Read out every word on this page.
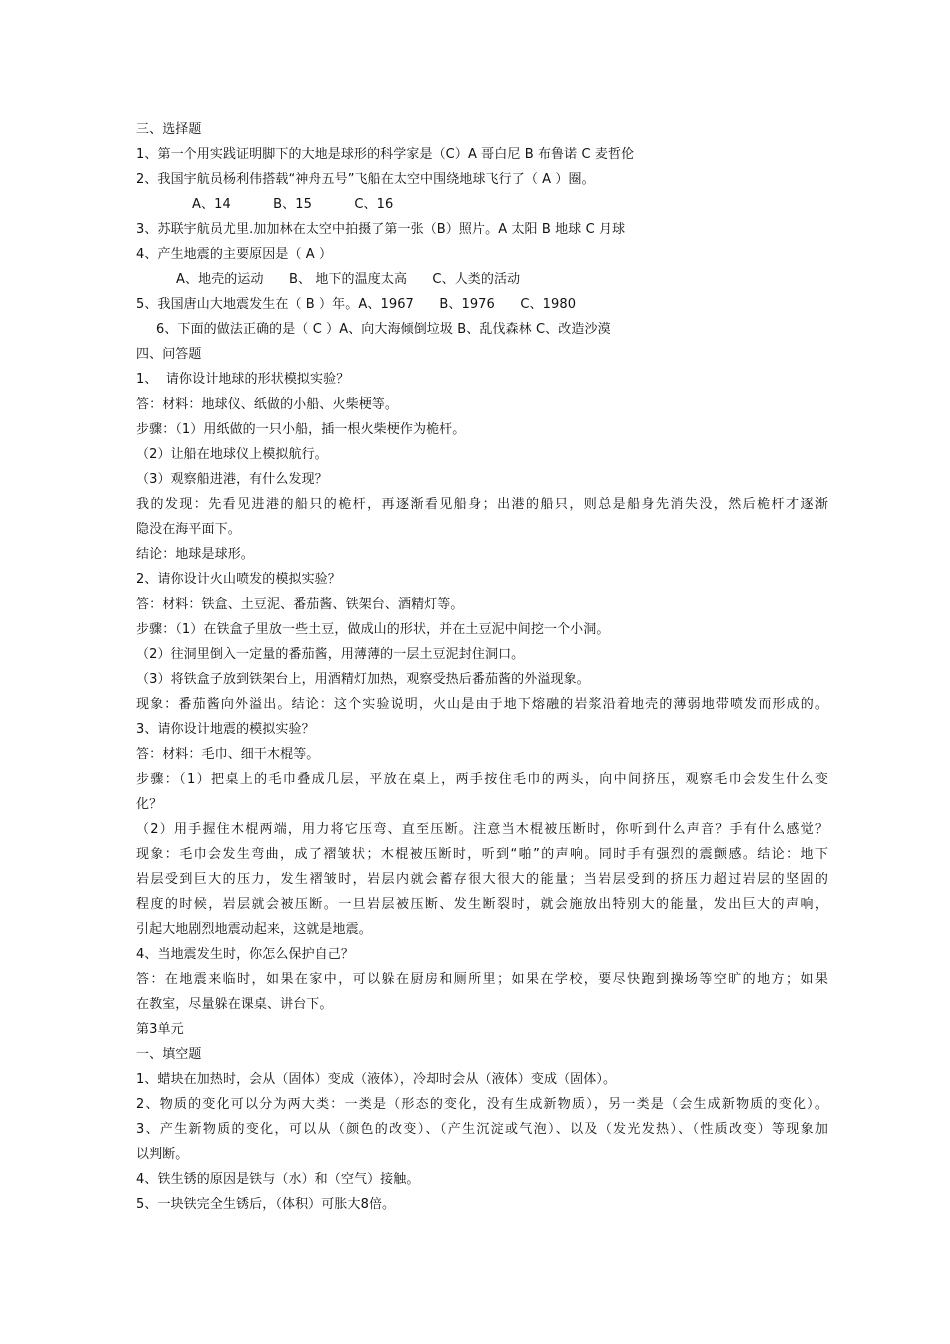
三、选择题
1、第一个用实践证明脚下的大地是球形的科学家是（C）A 哥白尼 B 布鲁诺 C 麦哲伦
2、我国宇航员杨利伟搭载“神舟五号”飞船在太空中围绕地球飞行了（ A ）圈。
A、14          B、15          C、16
3、苏联宇航员尤里.加加林在太空中拍摄了第一张（B）照片。A 太阳 B 地球 C 月球
4、产生地震的主要原因是（ A ）
A、地壳的运动      B、 地下的温度太高      C、人类的活动
5、我国唐山大地震发生在（ B ）年。A、1967      B、1976      C、1980
6、下面的做法正确的是（ C ）A、向大海倾倒垃圾 B、乱伐森林 C、改造沙漠
四、问答题
1、  请你设计地球的形状模拟实验？
答：材料：地球仪、纸做的小船、火柴梗等。
步骤：（1）用纸做的一只小船，插一根火柴梗作为桅杆。
（2）让船在地球仪上模拟航行。
（3）观察船进港，有什么发现？
我的发现：先看见进港的船只的桅杆，再逐渐看见船身；出港的船只，则总是船身先消失没，然后桅杆才逐渐
隐没在海平面下。
结论：地球是球形。
2、请你设计火山喷发的模拟实验？
答：材料：铁盒、土豆泥、番茄酱、铁架台、酒精灯等。
步骤：（1）在铁盒子里放一些土豆，做成山的形状，并在土豆泥中间挖一个小洞。
（2）往洞里倒入一定量的番茄酱，用薄薄的一层土豆泥封住洞口。
（3）将铁盒子放到铁架台上，用酒精灯加热，观察受热后番茄酱的外溢现象。
现象：番茄酱向外溢出。结论：这个实验说明，火山是由于地下熔融的岩浆沿着地壳的薄弱地带喷发而形成的。
3、请你设计地震的模拟实验？
答：材料：毛巾、细干木棍等。
步骤：（1）把桌上的毛巾叠成几层，平放在桌上，两手按住毛巾的两头，向中间挤压，观察毛巾会发生什么变
化？
（2）用手握住木棍两端，用力将它压弯、直至压断。注意当木棍被压断时，你听到什么声音？手有什么感觉？
现象：毛巾会发生弯曲，成了褶皱状；木棍被压断时，听到“啪”的声响。同时手有强烈的震颤感。结论：地下
岩层受到巨大的压力，发生褶皱时，岩层内就会蓄存很大很大的能量；当岩层受到的挤压力超过岩层的坚固的
程度的时候，岩层就会被压断。一旦岩层被压断、发生断裂时，就会施放出特别大的能量，发出巨大的声响，
引起大地剧烈地震动起来，这就是地震。
4、当地震发生时，你怎么保护自己？
答：在地震来临时，如果在家中，可以躲在厨房和厕所里；如果在学校，要尽快跑到操场等空旷的地方；如果
在教室，尽量躲在课桌、讲台下。
第3单元
一、填空题
1、蜡块在加热时，会从（固体）变成（液体），冷却时会从（液体）变成（固体）。
2、物质的变化可以分为两大类：一类是（形态的变化，没有生成新物质），另一类是（会生成新物质的变化）。
3、产生新物质的变化，可以从（颜色的改变）、（产生沉淀或气泡）、以及（发光发热）、（性质改变）等现象加
以判断。
4、铁生锈的原因是铁与（水）和（空气）接触。
5、一块铁完全生锈后，（体积）可胀大8倍。
